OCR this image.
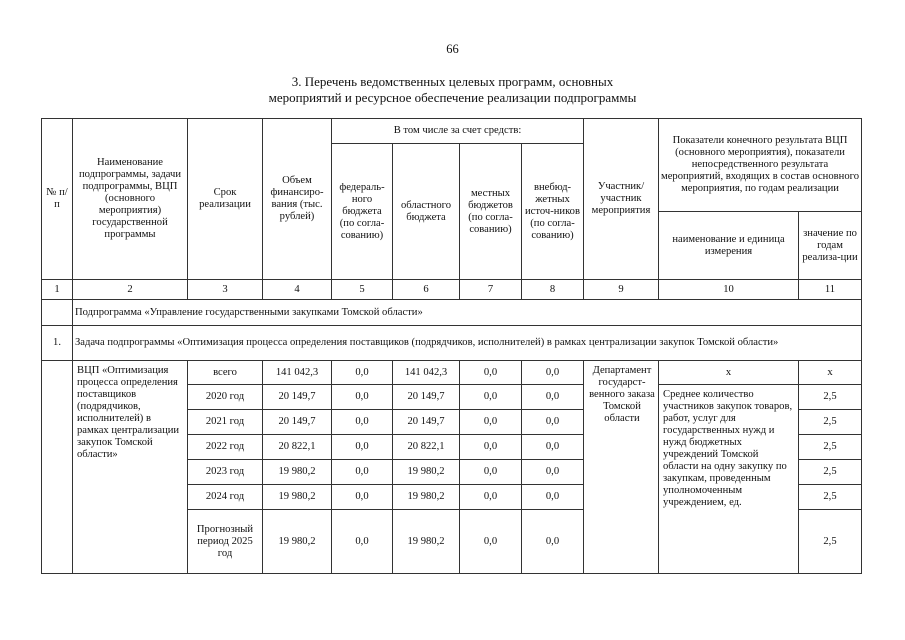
66
3. Перечень ведомственных целевых программ, основных
мероприятий и ресурсное обеспечение реализации подпрограммы
№ п/п	Наименование подпрограммы, задачи подпрограммы, ВЦП (основного мероприятия) государственной программы	Срок реализации	Объем финансиро-вания (тыс. рублей)	В том числе за счет средств:				Участник/ участник мероприятия	Показатели конечного результата ВЦП (основного мероприятия), показатели непосредственного результата мероприятий, входящих в состав основного мероприятия, по годам реализации	
				федераль-ного бюджета (по согла-сованию)	областного бюджета	местных бюджетов (по согла-сованию)	внебюд-жетных источ-ников (по согла-сованию)			
									наименование и единица измерения	значение по годам реализа-ции
1	2	3	4	5	6	7	8	9	10	11
	Подпрограмма «Управление государственными закупками Томской области»									
1.	Задача подпрограммы «Оптимизация процесса определения поставщиков (подрядчиков, исполнителей) в рамках централизации закупок Томской области»									
	ВЦП «Оптимизация процесса определения поставщиков (подрядчиков, исполнителей) в рамках централизации закупок Томской области»	всего	141 042,3	0,0	141 042,3	0,0	0,0	Департамент государст-венного заказа Томской области	x	x
		2020 год	20 149,7	0,0	20 149,7	0,0	0,0		Среднее количество участников закупок товаров, работ, услуг для государственных нужд и нужд бюджетных учреждений Томской области на одну закупку по закупкам, проведенным уполномоченным учреждением, ед.	2,5
		2021 год	20 149,7	0,0	20 149,7	0,0	0,0			2,5
		2022 год	20 822,1	0,0	20 822,1	0,0	0,0			2,5
		2023 год	19 980,2	0,0	19 980,2	0,0	0,0			2,5
		2024 год	19 980,2	0,0	19 980,2	0,0	0,0			2,5
		Прогнозный период 2025 год	19 980,2	0,0	19 980,2	0,0	0,0			2,5
